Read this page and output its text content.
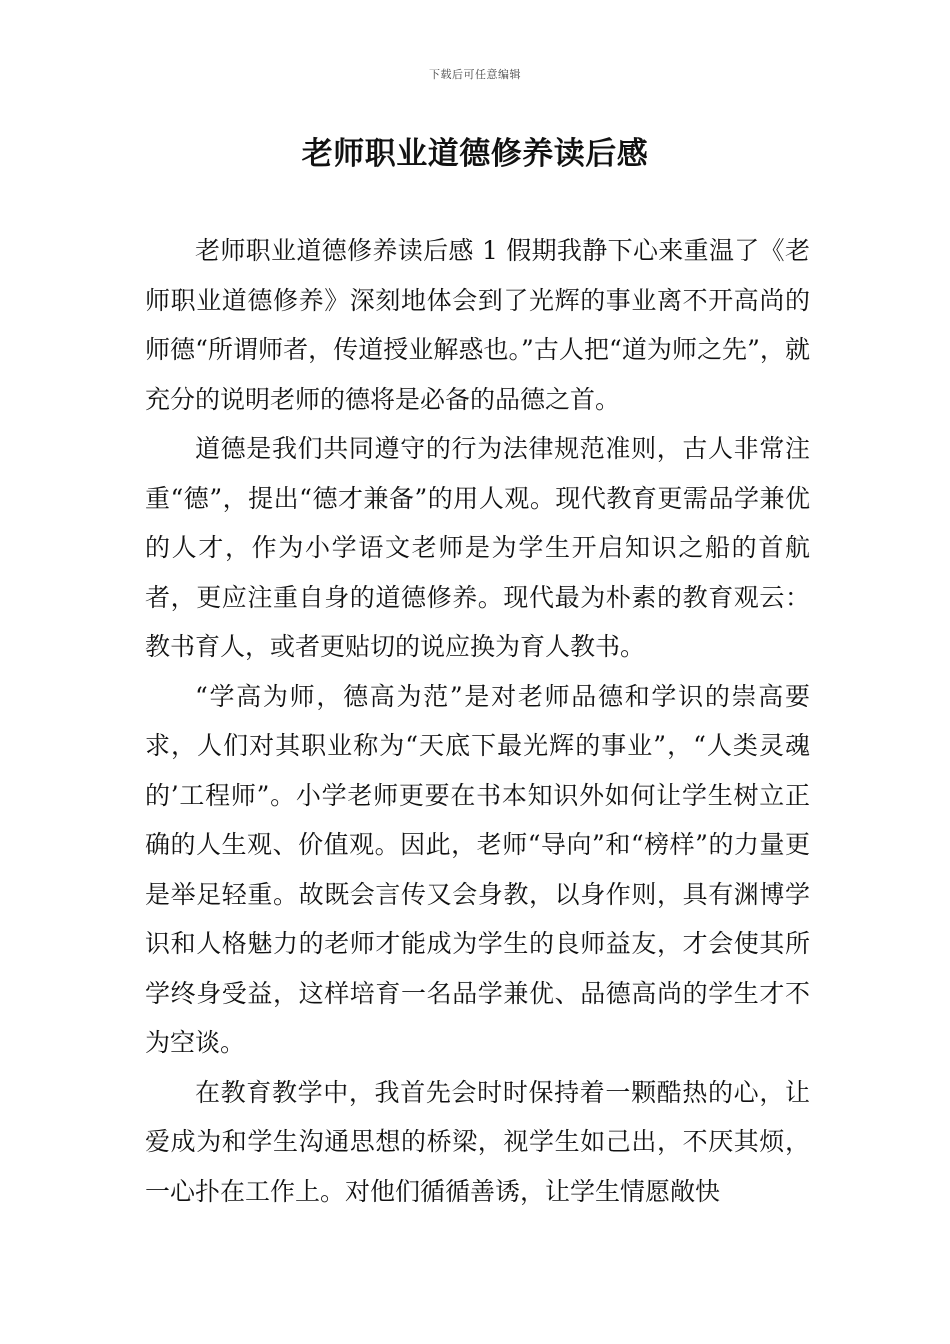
下载后可任意编辑
老师职业道德修养读后感

老师职业道德修养读后感 1 假期我静下心来重温了《老师职业道德修养》深刻地体会到了光辉的事业离不开高尚的师德“所谓师者，传道授业解惑也。”古人把“道为师之先”，就充分的说明老师的德将是必备的品德之首。

道德是我们共同遵守的行为法律规范准则，古人非常注重“德”，提出“德才兼备”的用人观。现代教育更需品学兼优的人才，作为小学语文老师是为学生开启知识之船的首航者，更应注重自身的道德修养。现代最为朴素的教育观云：教书育人，或者更贴切的说应换为育人教书。

“学高为师，德高为范”是对老师品德和学识的崇高要求，人们对其职业称为“天底下最光辉的事业”，“人类灵魂的’工程师”。小学老师更要在书本知识外如何让学生树立正确的人生观、价值观。因此，老师“导向”和“榜样”的力量更是举足轻重。故既会言传又会身教，以身作则，具有渊博学识和人格魅力的老师才能成为学生的良师益友，才会使其所学终身受益，这样培育一名品学兼优、品德高尚的学生才不为空谈。

在教育教学中，我首先会时时保持着一颗酷热的心，让爱成为和学生沟通思想的桥梁，视学生如己出，不厌其烦，一心扑在工作上。对他们循循善诱，让学生情愿敞快
